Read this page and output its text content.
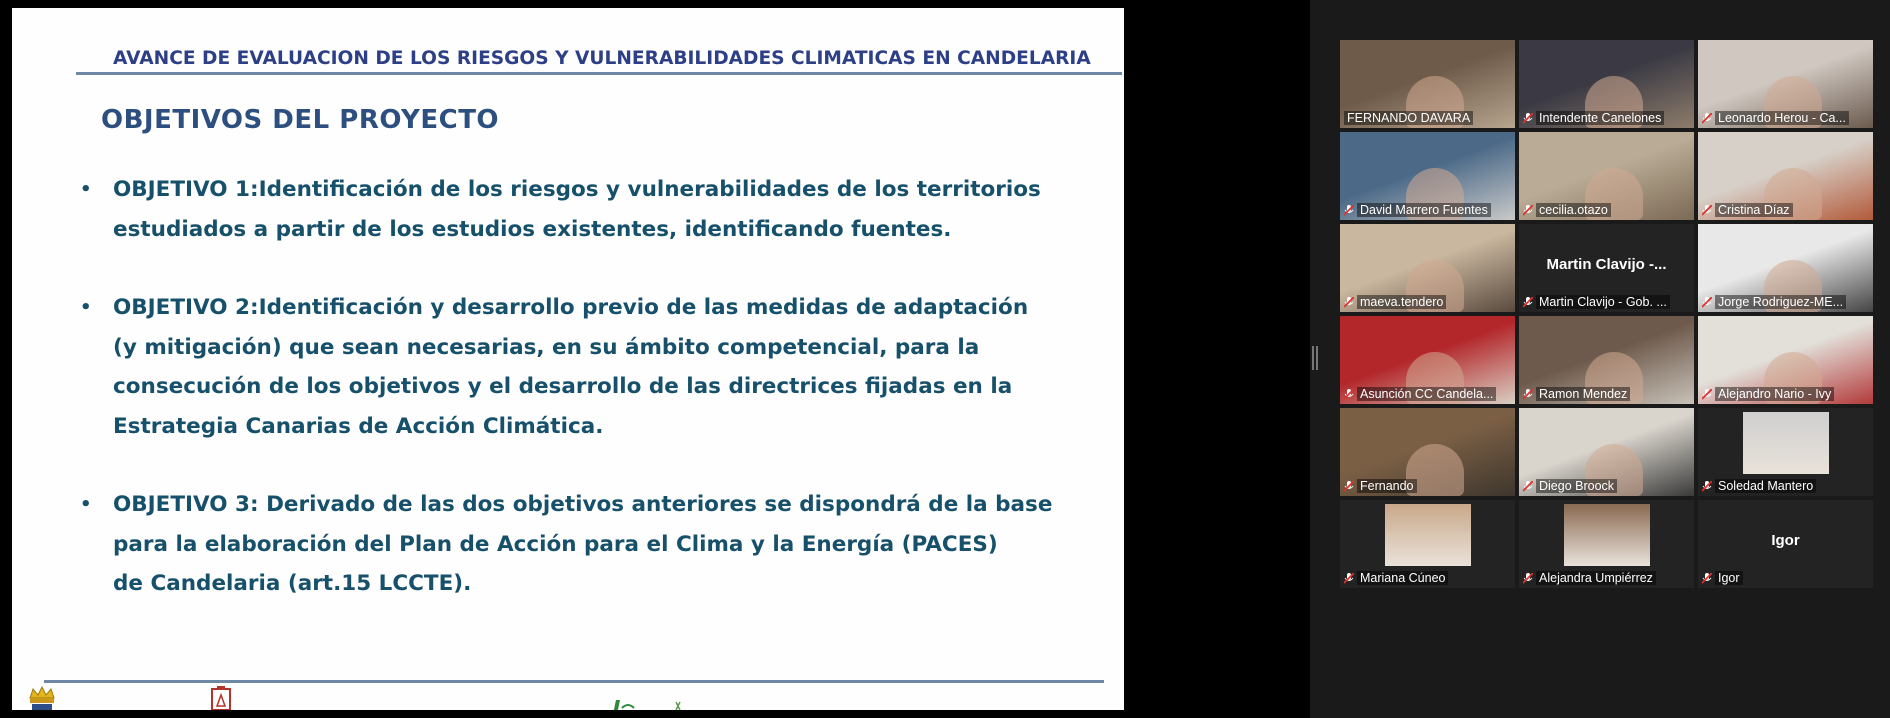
AVANCE DE EVALUACION DE LOS RIESGOS Y VULNERABILIDADES CLIMATICAS EN CANDELARIA
OBJETIVOS DEL PROYECTO
• OBJETIVO 1:Identificación de los riesgos y vulnerabilidades de los territorios
estudiados a partir de los estudios existentes, identificando fuentes.
• OBJETIVO 2:Identificación y desarrollo previo de las medidas de adaptación
(y mitigación) que sean necesarias, en su ámbito competencial, para la
consecución de los objetivos y el desarrollo de las directrices fijadas en la
Estrategia Canarias de Acción Climática.
• OBJETIVO 3: Derivado de las dos objetivos anteriores se dispondrá de la base
para la elaboración del Plan de Acción para el Clima y la Energía (PACES)
de Candelaria (art.15 LCCTE).
FERNANDO DAVARA	Intendente Canelones	Leonardo Herou - Ca...
David Marrero Fuentes	cecilia.otazo	Cristina Díaz
maeva.tendero
Martin Clavijo -...
Martin Clavijo - Gob. ...	Jorge Rodriguez-ME...
Asunción CC Candela...	Ramon Mendez	Alejandro Nario - Ivy
Fernando	Diego Broock	Soledad Mantero
Mariana Cúneo	Alejandra Umpiérrez
Igor
Igor
